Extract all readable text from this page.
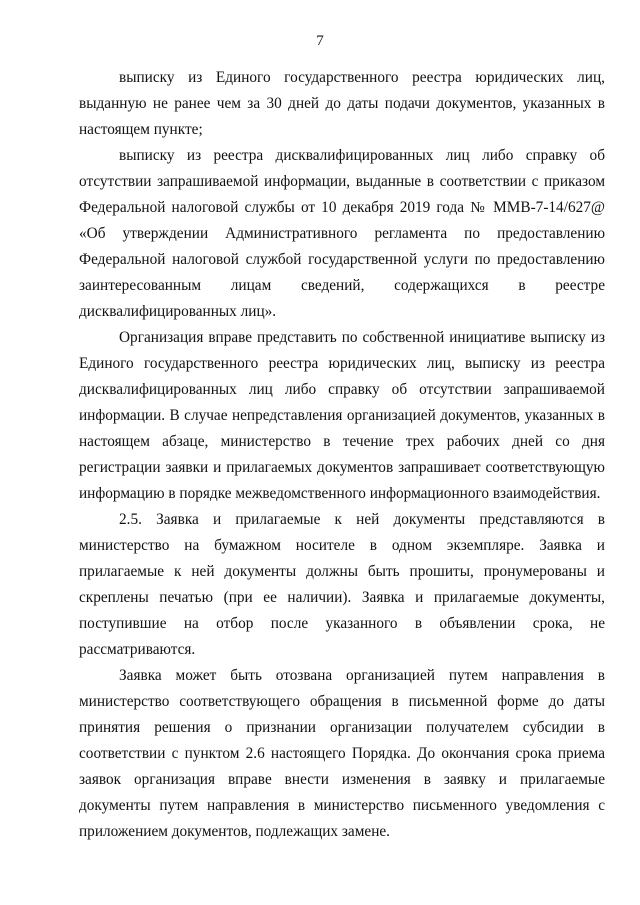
7
выписку из Единого государственного реестра юридических лиц,
выданную не ранее чем за 30 дней до даты подачи документов, указанных в
настоящем пункте;
выписку из реестра дисквалифицированных лиц либо справку об
отсутствии запрашиваемой информации, выданные в соответствии с приказом
Федеральной налоговой службы от 10 декабря 2019 года № ММВ-7-14/627@
«Об утверждении Административного регламента по предоставлению
Федеральной налоговой службой государственной услуги по предоставлению
заинтересованным лицам сведений, содержащихся в реестре
дисквалифицированных лиц».
Организация вправе представить по собственной инициативе выписку из
Единого государственного реестра юридических лиц, выписку из реестра
дисквалифицированных лиц либо справку об отсутствии запрашиваемой
информации. В случае непредставления организацией документов, указанных в
настоящем абзаце, министерство в течение трех рабочих дней со дня
регистрации заявки и прилагаемых документов запрашивает соответствующую
информацию в порядке межведомственного информационного взаимодействия.
2.5. Заявка и прилагаемые к ней документы представляются в
министерство на бумажном носителе в одном экземпляре. Заявка и
прилагаемые к ней документы должны быть прошиты, пронумерованы и
скреплены печатью (при ее наличии). Заявка и прилагаемые документы,
поступившие на отбор после указанного в объявлении срока, не
рассматриваются.
Заявка может быть отозвана организацией путем направления в
министерство соответствующего обращения в письменной форме до даты
принятия решения о признании организации получателем субсидии в
соответствии с пунктом 2.6 настоящего Порядка. До окончания срока приема
заявок организация вправе внести изменения в заявку и прилагаемые
документы путем направления в министерство письменного уведомления с
приложением документов, подлежащих замене.
